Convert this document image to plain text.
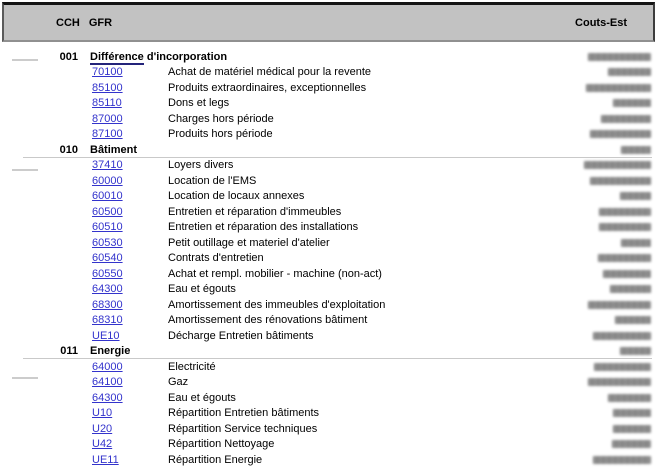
CCH GFR	Couts-Est
001 Différence d'incorporation
70100	Achat de matériel médical pour la revente
85100	Produits extraordinaires, exceptionnelles
85110	Dons et legs
87000	Charges hors période
87100	Produits hors période
010 Bâtiment
37410	Loyers divers
60000	Location de l'EMS
60010	Location de locaux annexes
60500	Entretien et réparation d'immeubles
60510	Entretien et réparation des installations
60530	Petit outillage et materiel d'atelier
60540	Contrats d'entretien
60550	Achat et rempl. mobilier - machine (non-act)
64300	Eau et égouts
68300	Amortissement des immeubles d'exploitation
68310	Amortissement des rénovations bâtiment
UE10	Décharge Entretien bâtiments
011 Energie
64000	Electricité
64100	Gaz
64300	Eau et égouts
U10	Répartition Entretien bâtiments
U20	Répartition Service techniques
U42	Répartition Nettoyage
UE11	Répartition Energie
